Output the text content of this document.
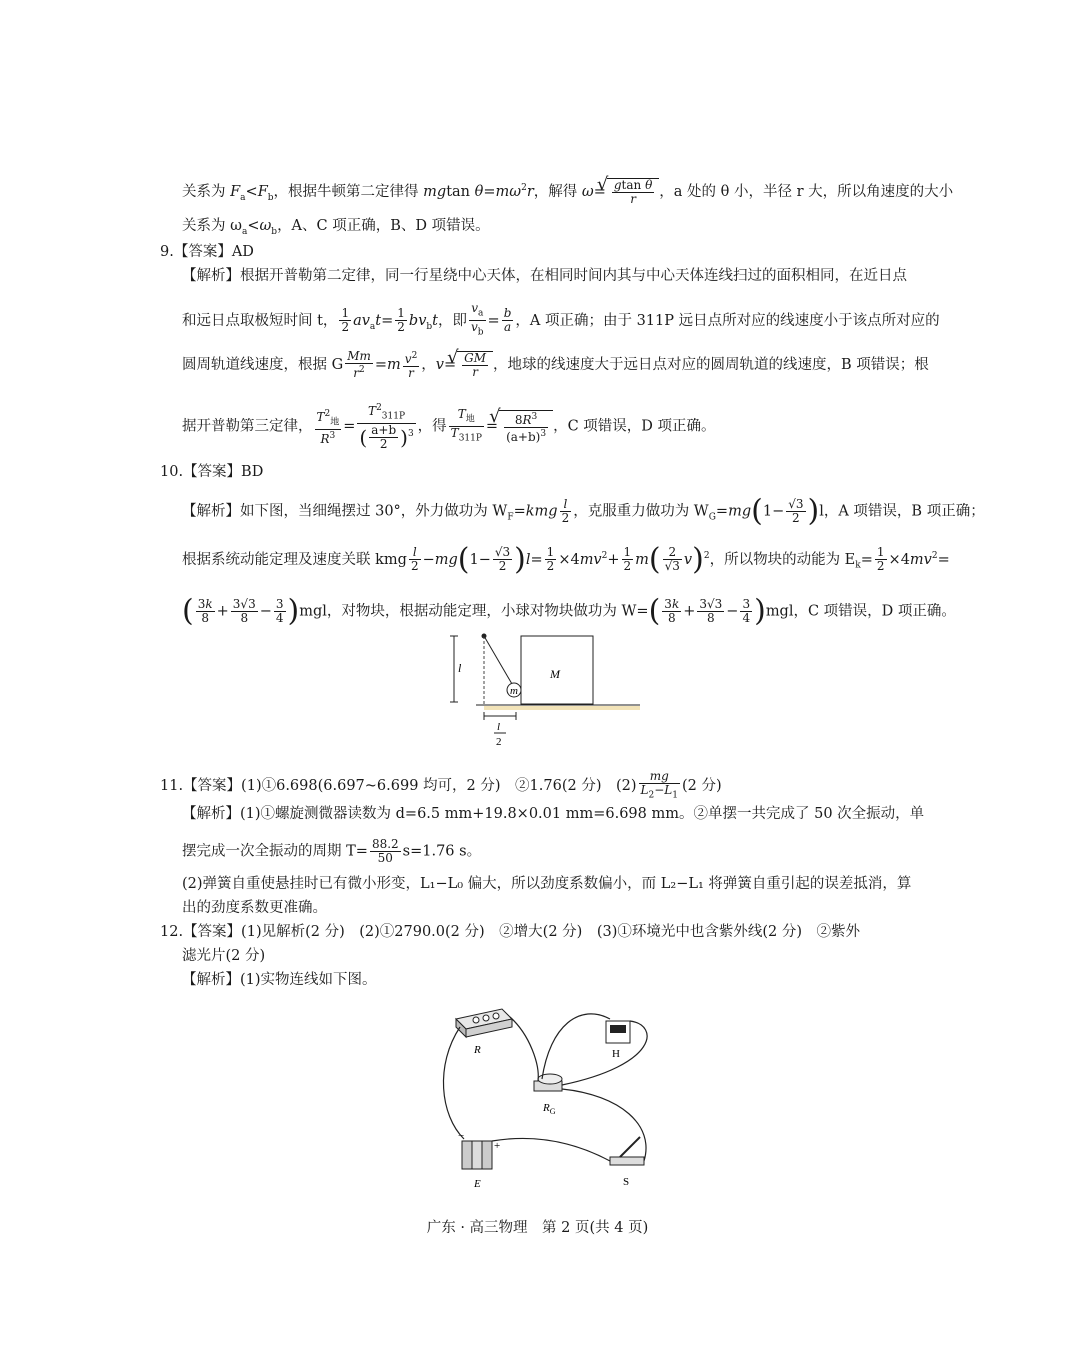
关系为 $F_a<F_b$，根据牛顿第二定律得 mgtan $\theta=m\omega^2r$，解得 ω= √ $\frac{\text{gtan θ}}{r}$ ，a 处的 θ 小，半径 r 大，所以角速度的大小
关系为 $\omega_a<\omega_b$，A、C 项正确，B、D 项错误。
9.【答案】AD
【解析】根据开普勒第二定律，同一行星绕中心天体，在相同时间内其与中心天体连线扫过的面积相同，在近日点
和远日点取极短时间 t， $\frac{1}{2} av_at= \frac{1}{2} bv_bt$，即 $\frac{v_a}{v_b} = \frac{b}{a}$ ，A 项正确；由于 311P 远日点所对应的线速度小于该点所对应的
圆周轨道线速度，根据 G $\frac{Mm}{r^2} =m \frac{v^2}{r}$ ，v= √ $\frac{GM}{r}$ ，地球的线速度大于远日点对应的圆周轨道的线速度，B 项错误；根
据开普勒第三定律， $\frac{T^2_地}{R^3} = \frac{T^2_{311P}}{( \frac{a+b}{2} )^3}$ ，得 $\frac{T_地}{T_{311P}}$ = √ $\frac{8R^3}{(a+b)^3}$ ，C 项错误，D 项正确。
10.【答案】BD
【解析】如下图，当细绳摆过 30°，外力做功为 $W_F=kmg \frac{l}{2}$ ，克服重力做功为 $W_G=mg(1- \frac{√3}{2} )l$，A 项错误，B 项正确；
根据系统动能定理及速度关联 kmg $\frac{l}{2} -mg(1- \frac{√3}{2} )l= \frac{1}{2} \times 4mv^2+ \frac{1}{2} m( \frac{2}{√3} v)^2$，所以物块的动能为 $E_k= \frac{1}{2} \times 4mv^2=$
( $\frac{3k}{8} + \frac{3√3}{8} - \frac{3}{4} )mgl$，对物块，根据动能定理，小球对物块做功为 $W=( \frac{3k}{8} + \frac{3√3}{8} - \frac{3}{4} )mgl$，C 项错误，D 项正确。
l
m
M
l
2
11.【答案】(1)①6.698(6.697~6.699 均可，2 分)　②1.76(2 分)　$(2) \frac{mg}{L_2-L_1} (2$ 分)
【解析】(1)①螺旋测微器读数为 d=6.5 mm+19.8×0.01 mm=6.698 mm。②单摆一共完成了 50 次全振动，单
摆完成一次全振动的周期 $T= \frac{88.2}{50} s=1.76$ s。
(2)弹簧自重使悬挂时已有微小形变，L₁−L₀ 偏大，所以劲度系数偏小，而 L₂−L₁ 将弹簧自重引起的误差抵消，算
出的劲度系数更准确。
12.【答案】(1)见解析(2 分)　(2)①2790.0(2 分)　②增大(2 分)　(3)①环境光中也含紫外线(2 分)　②紫外
滤光片(2 分)
【解析】(1)实物连线如下图。
R	H
$R_G$
−
+
E	S
广东 · 高三物理　第 2 页(共 4 页)
